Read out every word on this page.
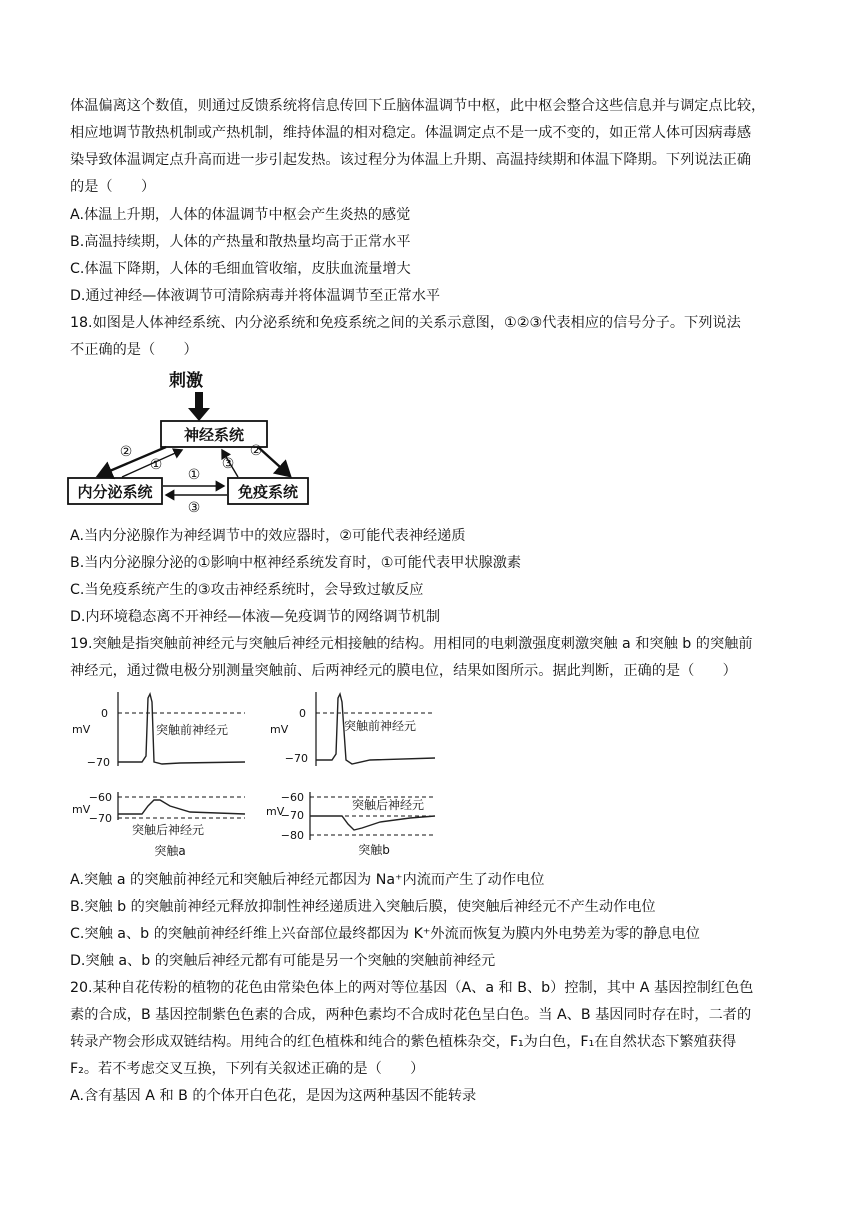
体温偏离这个数值，则通过反馈系统将信息传回下丘脑体温调节中枢，此中枢会整合这些信息并与调定点比较，
相应地调节散热机制或产热机制，维持体温的相对稳定。体温调定点不是一成不变的，如正常人体可因病毒感
染导致体温调定点升高而进一步引起发热。该过程分为体温上升期、高温持续期和体温下降期。下列说法正确
的是（　　）
A.体温上升期，人体的体温调节中枢会产生炎热的感觉
B.高温持续期，人体的产热量和散热量均高于正常水平
C.体温下降期，人体的毛细血管收缩，皮肤血流量增大
D.通过神经—体液调节可清除病毒并将体温调节至正常水平
18.如图是人体神经系统、内分泌系统和免疫系统之间的关系示意图，①②③代表相应的信号分子。下列说法
不正确的是（　　）
刺激
神经系统
内分泌系统	免疫系统
②
①
①
③
②
③
A.当内分泌腺作为神经调节中的效应器时，②可能代表神经递质
B.当内分泌腺分泌的①影响中枢神经系统发育时，①可能代表甲状腺激素
C.当免疫系统产生的③攻击神经系统时，会导致过敏反应
D.内环境稳态离不开神经—体液—免疫调节的网络调节机制
19.突触是指突触前神经元与突触后神经元相接触的结构。用相同的电刺激强度刺激突触 a 和突触 b 的突触前
神经元，通过微电极分别测量突触前、后两神经元的膜电位，结果如图所示。据此判断，正确的是（　　）
0
mV
−70
突触前神经元
0
mV
−70
突触前神经元
−60
mV
−70
突触后神经元
突触a
−60
mV
−70
−80
突触后神经元
突触b
A.突触 a 的突触前神经元和突触后神经元都因为 Na⁺内流而产生了动作电位
B.突触 b 的突触前神经元释放抑制性神经递质进入突触后膜，使突触后神经元不产生动作电位
C.突触 a、b 的突触前神经纤维上兴奋部位最终都因为 K⁺外流而恢复为膜内外电势差为零的静息电位
D.突触 a、b 的突触后神经元都有可能是另一个突触的突触前神经元
20.某种自花传粉的植物的花色由常染色体上的两对等位基因（A、a 和 B、b）控制，其中 A 基因控制红色色
素的合成，B 基因控制紫色色素的合成，两种色素均不合成时花色呈白色。当 A、B 基因同时存在时，二者的
转录产物会形成双链结构。用纯合的红色植株和纯合的紫色植株杂交，F₁为白色，F₁在自然状态下繁殖获得
F₂。若不考虑交叉互换，下列有关叙述正确的是（　　）
A.含有基因 A 和 B 的个体开白色花，是因为这两种基因不能转录
